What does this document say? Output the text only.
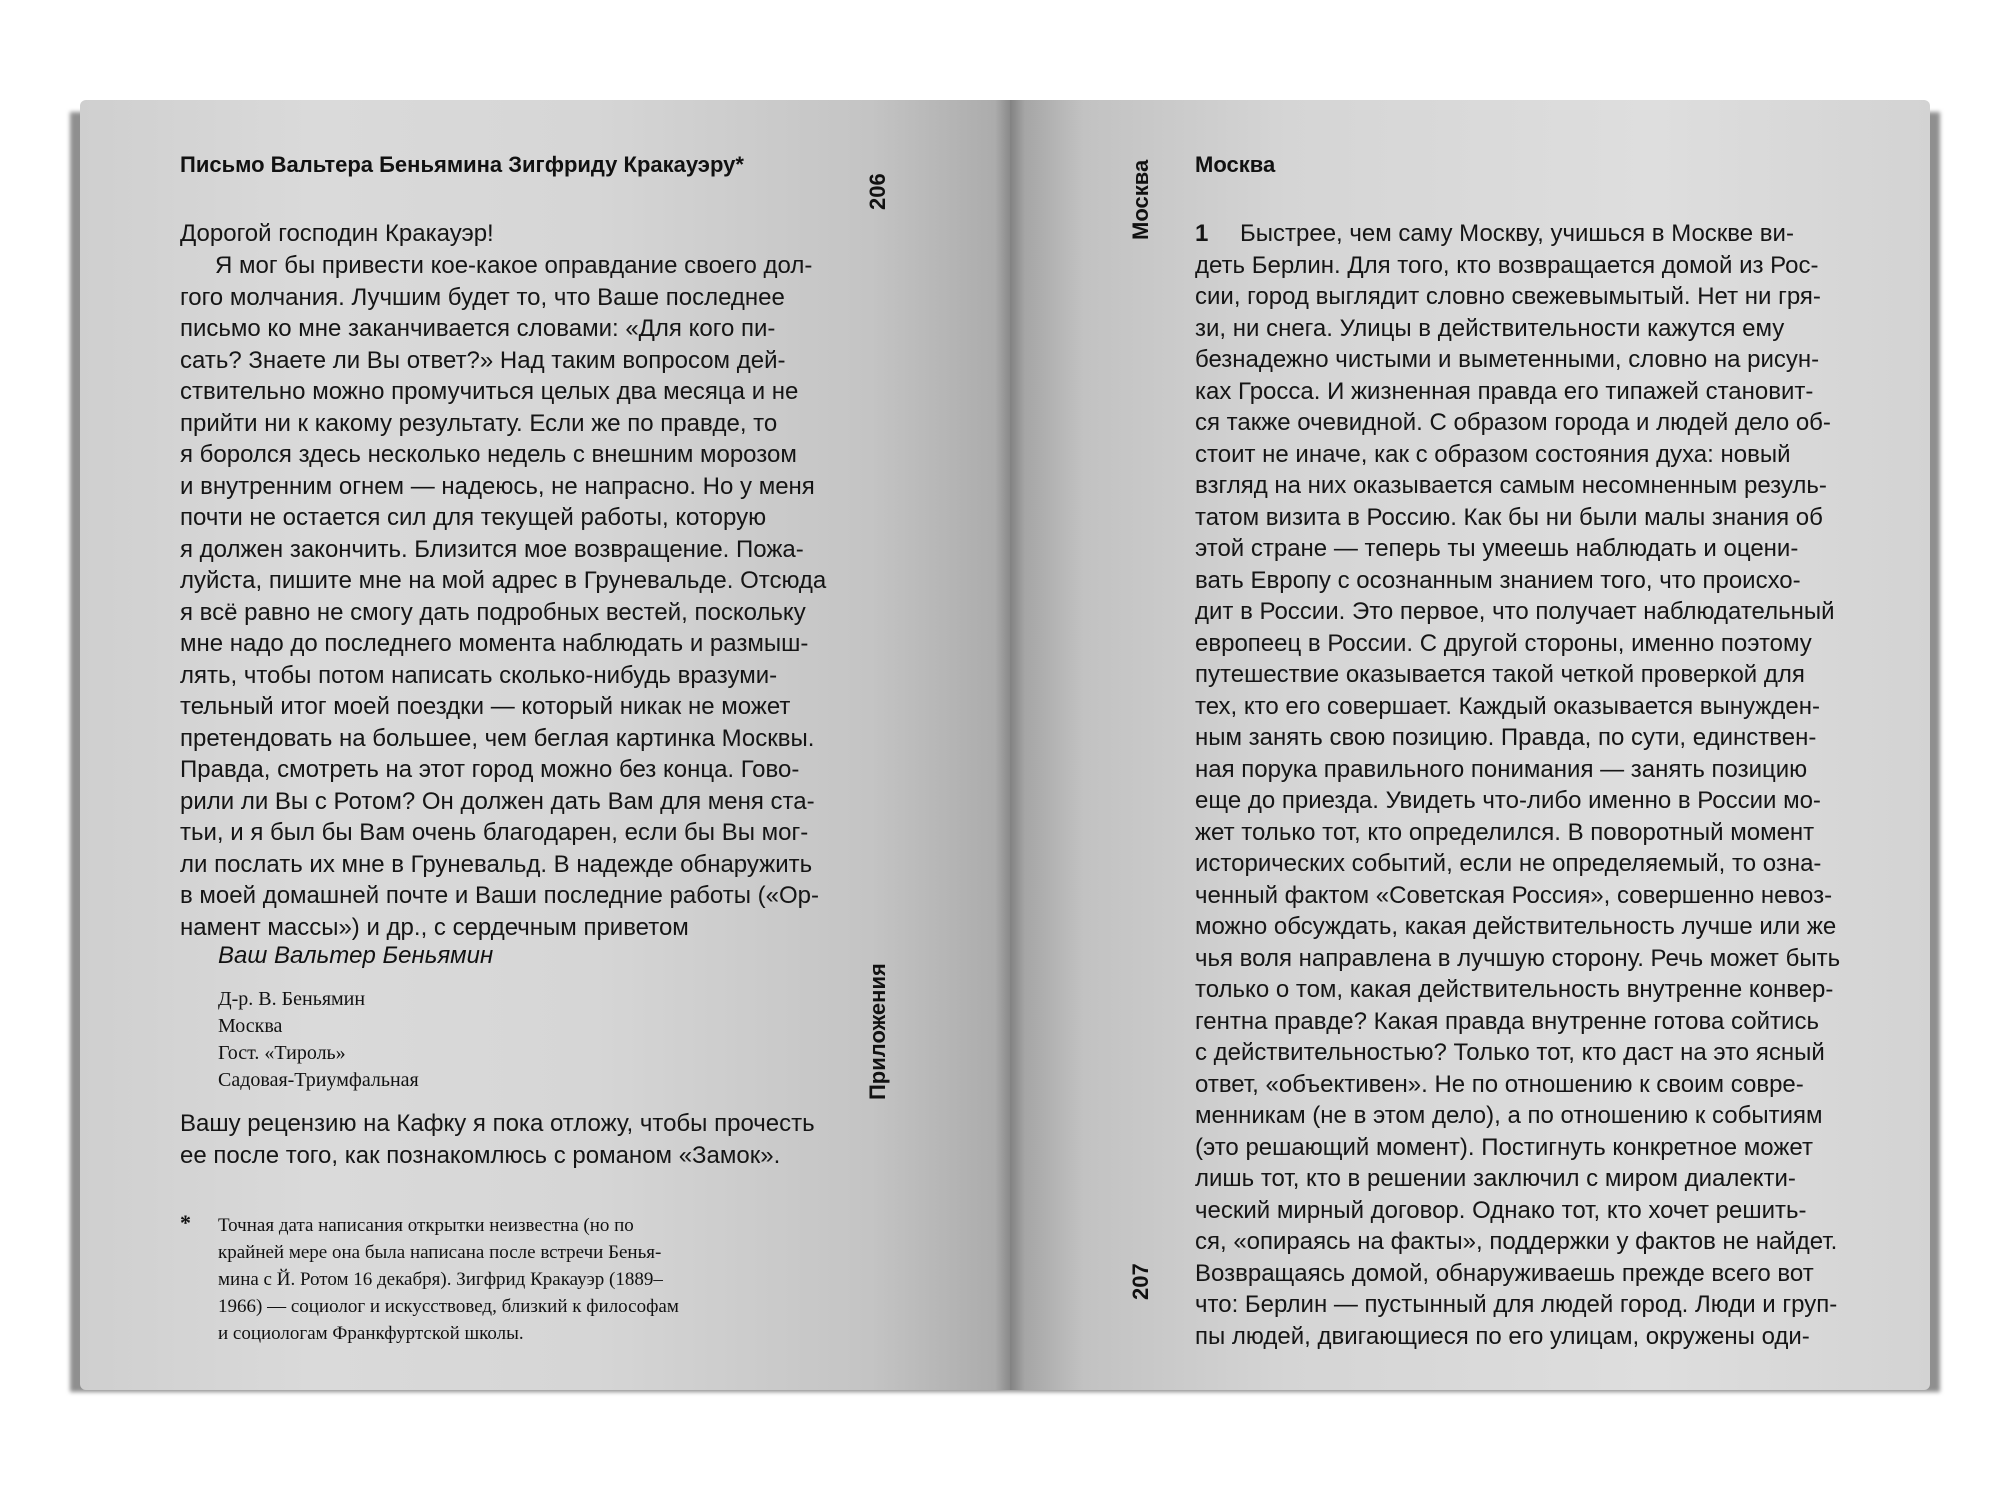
Письмо Вальтера Беньямина Зигфриду Кракауэру*
206
Приложения
Дорогой господин Кракауэр!
Я мог бы привести кое-какое оправдание своего дол-
гого молчания. Лучшим будет то, что Ваше последнее
письмо ко мне заканчивается словами: «Для кого пи-
сать? Знаете ли Вы ответ?» Над таким вопросом дей-
ствительно можно промучиться целых два месяца и не
прийти ни к какому результату. Если же по правде, то
я боролся здесь несколько недель с внешним морозом
и внутренним огнем — надеюсь, не напрасно. Но у меня
почти не остается сил для текущей работы, которую
я должен закончить. Близится мое возвращение. Пожа-
луйста, пишите мне на мой адрес в Груневальде. Отсюда
я всё равно не смогу дать подробных вестей, поскольку
мне надо до последнего момента наблюдать и размыш-
лять, чтобы потом написать сколько-нибудь вразуми-
тельный итог моей поездки — который никак не может
претендовать на большее, чем беглая картинка Москвы.
Правда, смотреть на этот город можно без конца. Гово-
рили ли Вы с Ротом? Он должен дать Вам для меня ста-
тьи, и я был бы Вам очень благодарен, если бы Вы мог-
ли послать их мне в Груневальд. В надежде обнаружить
в моей домашней почте и Ваши последние работы («Ор-
намент массы») и др., с сердечным приветом
Ваш Вальтер Беньямин
Д-р. В. Беньямин
Москва
Гост. «Тироль»
Садовая-Триумфальная
Вашу рецензию на Кафку я пока отложу, чтобы прочесть
ее после того, как познакомлюсь с романом «Замок».
* Точная дата написания открытки неизвестна (но по
крайней мере она была написана после встречи Бенья-
мина с Й. Ротом 16 декабря). Зигфрид Кракауэр (1889–
1966) — социолог и искусствовед, близкий к философам
и социологам Франкфуртской школы.
Москва
207
Москва
1	Быстрее, чем саму Москву, учишься в Москве ви-
деть Берлин. Для того, кто возвращается домой из Рос-
сии, город выглядит словно свежевымытый. Нет ни гря-
зи, ни снега. Улицы в действительности кажутся ему
безнадежно чистыми и выметенными, словно на рисун-
ках Гросса. И жизненная правда его типажей становит-
ся также очевидной. С образом города и людей дело об-
стоит не иначе, как с образом состояния духа: новый
взгляд на них оказывается самым несомненным резуль-
татом визита в Россию. Как бы ни были малы знания об
этой стране — теперь ты умеешь наблюдать и оцени-
вать Европу с осознанным знанием того, что происхо-
дит в России. Это первое, что получает наблюдательный
европеец в России. С другой стороны, именно поэтому
путешествие оказывается такой четкой проверкой для
тех, кто его совершает. Каждый оказывается вынужден-
ным занять свою позицию. Правда, по сути, единствен-
ная порука правильного понимания — занять позицию
еще до приезда. Увидеть что-либо именно в России мо-
жет только тот, кто определился. В поворотный момент
исторических событий, если не определяемый, то озна-
ченный фактом «Советская Россия», совершенно невоз-
можно обсуждать, какая действительность лучше или же
чья воля направлена в лучшую сторону. Речь может быть
только о том, какая действительность внутренне конвер-
гентна правде? Какая правда внутренне готова сойтись
с действительностью? Только тот, кто даст на это ясный
ответ, «объективен». Не по отношению к своим совре-
менникам (не в этом дело), а по отношению к событиям
(это решающий момент). Постигнуть конкретное может
лишь тот, кто в решении заключил с миром диалекти-
ческий мирный договор. Однако тот, кто хочет решить-
ся, «опираясь на факты», поддержки у фактов не найдет.
Возвращаясь домой, обнаруживаешь прежде всего вот
что: Берлин — пустынный для людей город. Люди и груп-
пы людей, двигающиеся по его улицам, окружены оди-
